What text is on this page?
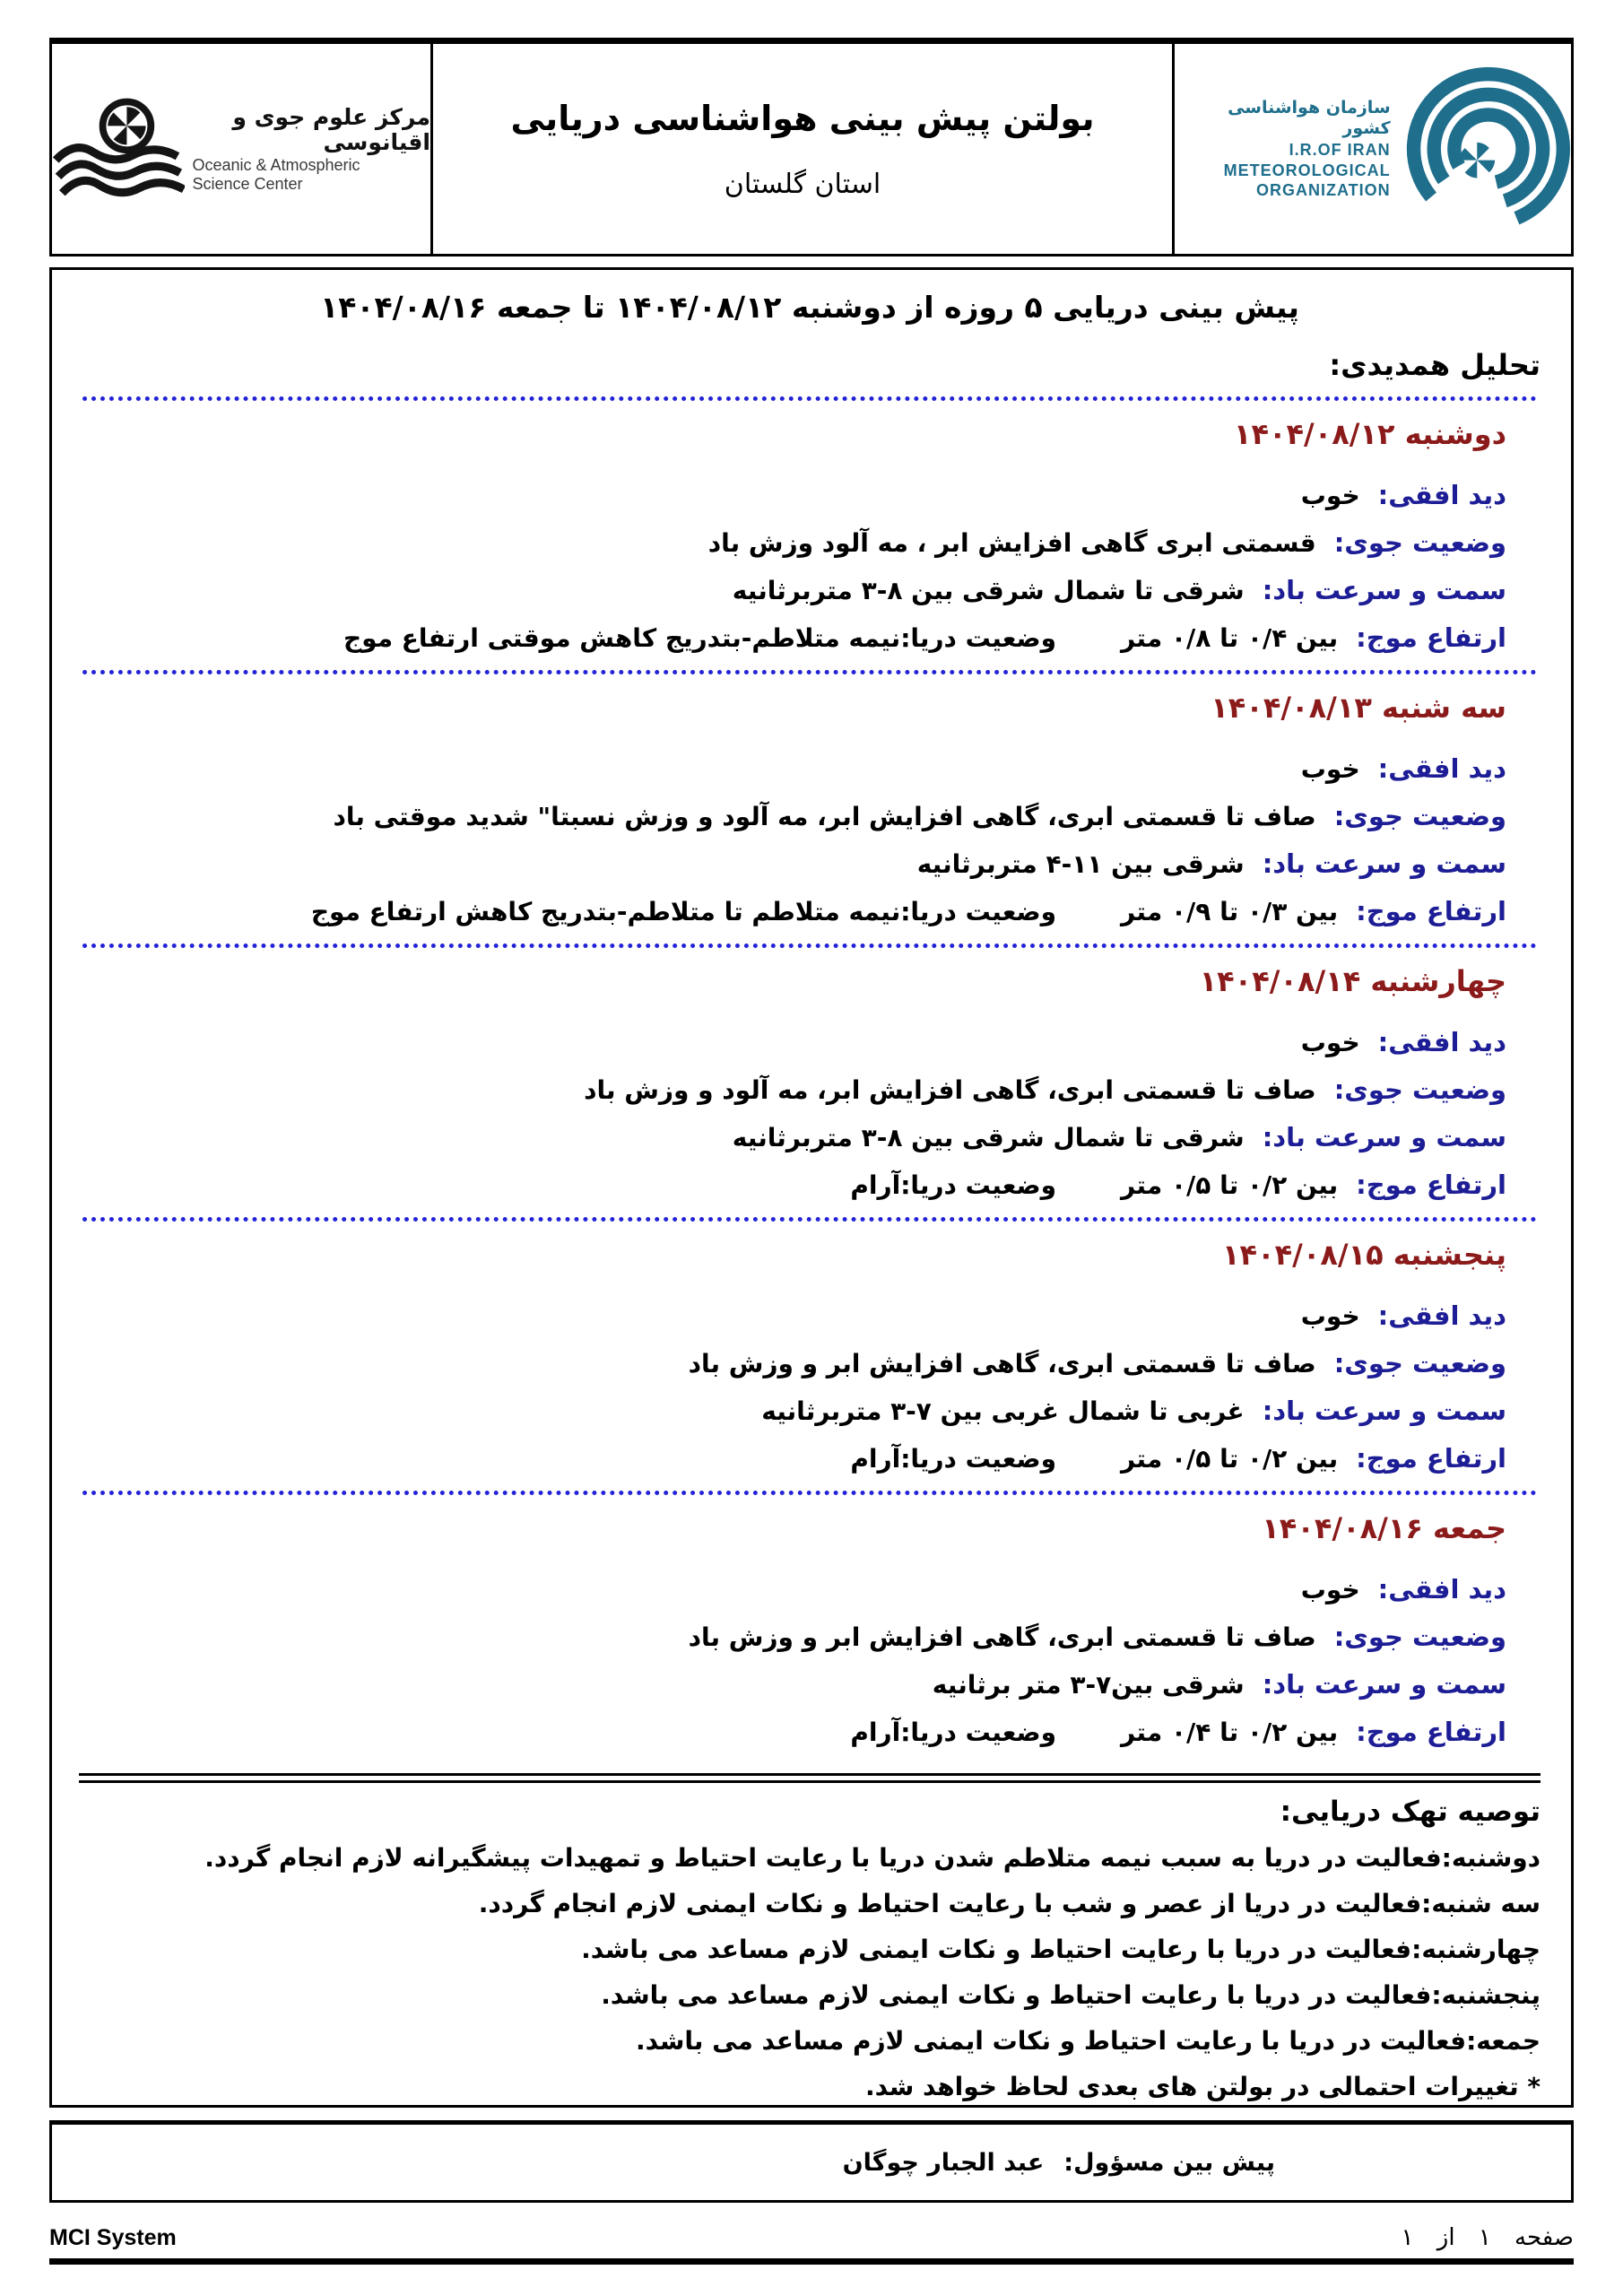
مرکز علوم جوی و اقیانوسی
Oceanic & Atmospheric
Science Center
بولتن پیش بینی هواشناسی دریایی
استان گلستان
سازمان هواشناسی کشور
I.R.OF IRAN
METEOROLOGICAL
ORGANIZATION
پیش بینی دریایی ۵ روزه از دوشنبه ۱۴۰۴/۰۸/۱۲ تا جمعه ۱۴۰۴/۰۸/۱۶
تحلیل همدیدی:
دوشنبه ۱۴۰۴/۰۸/۱۲
دید افقی:
خوب
وضعیت جوی:
قسمتی ابری گاهی افزایش ابر ، مه آلود وزش باد
سمت و سرعت باد:
شرقی تا شمال شرقی بین ⁦۳-۸⁩ متربرثانیه
ارتفاع موج:
بین ۰/۴ تا ۰/۸ متر
وضعیت دریا:نیمه متلاطم-بتدریج کاهش موقتی ارتفاع موج
سه شنبه ۱۴۰۴/۰۸/۱۳
دید افقی:
خوب
وضعیت جوی:
صاف تا قسمتی ابری، گاهی افزایش ابر، مه آلود و وزش نسبتا" شدید موقتی باد
سمت و سرعت باد:
شرقی بین ⁦۴-۱۱⁩ متربرثانیه
ارتفاع موج:
بین ۰/۳ تا ۰/۹ متر
وضعیت دریا:نیمه متلاطم تا متلاطم-بتدریج کاهش ارتفاع موج
چهارشنبه ۱۴۰۴/۰۸/۱۴
دید افقی:
خوب
وضعیت جوی:
صاف تا قسمتی ابری، گاهی افزایش ابر، مه آلود و وزش باد
سمت و سرعت باد:
شرقی تا شمال شرقی بین ⁦۳-۸⁩ متربرثانیه
ارتفاع موج:
بین ۰/۲ تا ۰/۵ متر
وضعیت دریا:آرام
پنجشنبه ۱۴۰۴/۰۸/۱۵
دید افقی:
خوب
وضعیت جوی:
صاف تا قسمتی ابری، گاهی افزایش ابر و وزش باد
سمت و سرعت باد:
غربی تا شمال غربی بین ⁦۳-۷⁩ متربرثانیه
ارتفاع موج:
بین ۰/۲ تا ۰/۵ متر
وضعیت دریا:آرام
جمعه ۱۴۰۴/۰۸/۱۶
دید افقی:
خوب
وضعیت جوی:
صاف تا قسمتی ابری، گاهی افزایش ابر و وزش باد
سمت و سرعت باد:
شرقی بین⁦۳-۷⁩ متر برثانیه
ارتفاع موج:
بین ۰/۲ تا ۰/۴ متر
وضعیت دریا:آرام
توصیه تهک دریایی:

دوشنبه:فعالیت در دریا به سبب نیمه متلاطم شدن دریا با رعایت احتیاط و تمهیدات پیشگیرانه لازم انجام گردد.

سه شنبه:فعالیت در دریا از عصر و شب با رعایت احتیاط و نکات ایمنی لازم انجام گردد.

چهارشنبه:فعالیت در دریا با رعایت احتیاط و نکات ایمنی لازم مساعد می باشد.

پنجشنبه:فعالیت در دریا با رعایت احتیاط و نکات ایمنی لازم مساعد می باشد.

جمعه:فعالیت در دریا با رعایت احتیاط و نکات ایمنی لازم مساعد می باشد.

* تغییرات احتمالی در بولتن های بعدی لحاظ خواهد شد.

پیش بین مسؤول:
عبد الجبار چوگان
MCI System	صفحه ۱ از ۱
